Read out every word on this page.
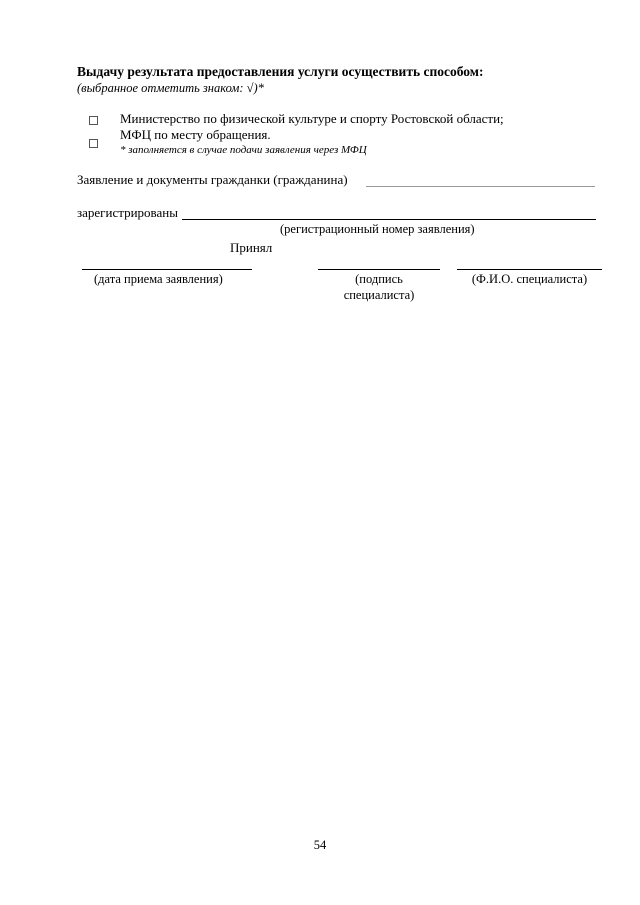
Выдачу результата предоставления услуги осуществить способом:
(выбранное отметить знаком: √)*
Министерство по физической культуре и спорту Ростовской области;
МФЦ по месту обращения.
* заполняется в случае подачи заявления через МФЦ
Заявление и документы гражданки (гражданина)
зарегистрированы
(регистрационный номер заявления)
Принял
(дата приема заявления)	(подпись
специалиста)
(Ф.И.О. специалиста)
54
